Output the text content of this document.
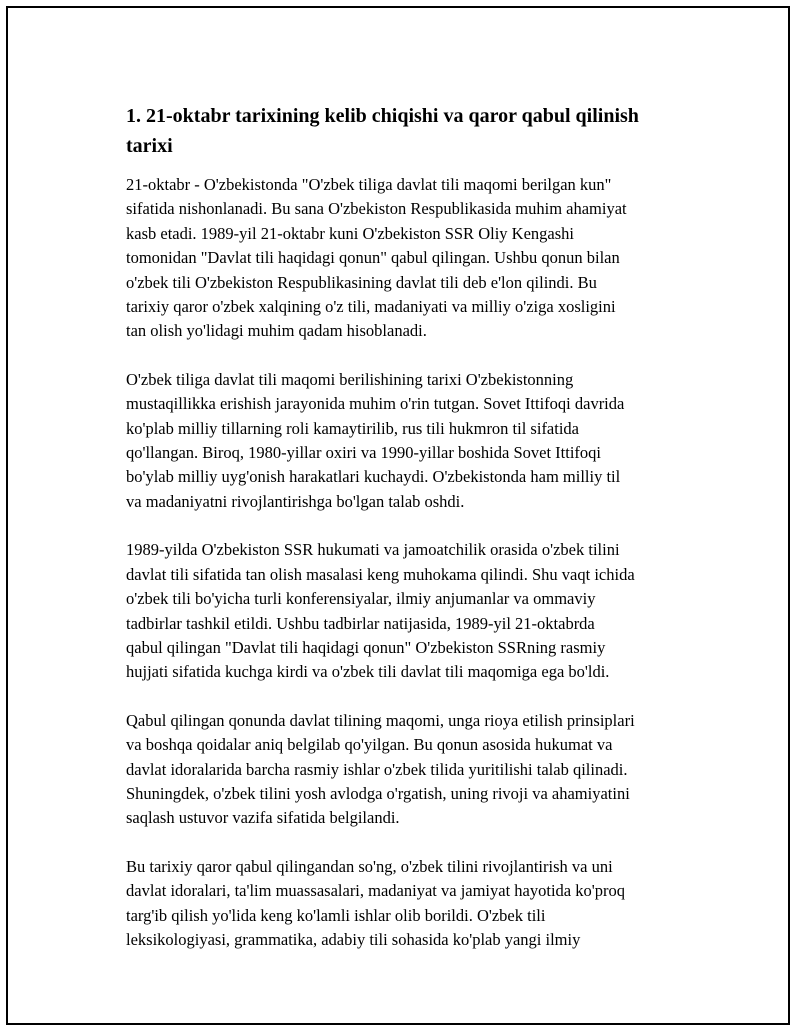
1. 21-oktabr tarixining kelib chiqishi va qaror qabul qilinish
tarixi

21-oktabr - O'zbekistonda "O'zbek tiliga davlat tili maqomi berilgan kun"
sifatida nishonlanadi. Bu sana O'zbekiston Respublikasida muhim ahamiyat
kasb etadi. 1989-yil 21-oktabr kuni O'zbekiston SSR Oliy Kengashi
tomonidan "Davlat tili haqidagi qonun" qabul qilingan. Ushbu qonun bilan
o'zbek tili O'zbekiston Respublikasining davlat tili deb e'lon qilindi. Bu
tarixiy qaror o'zbek xalqining o'z tili, madaniyati va milliy o'ziga xosligini
tan olish yo'lidagi muhim qadam hisoblanadi.

O'zbek tiliga davlat tili maqomi berilishining tarixi O'zbekistonning
mustaqillikka erishish jarayonida muhim o'rin tutgan. Sovet Ittifoqi davrida
ko'plab milliy tillarning roli kamaytirilib, rus tili hukmron til sifatida
qo'llangan. Biroq, 1980-yillar oxiri va 1990-yillar boshida Sovet Ittifoqi
bo'ylab milliy uyg'onish harakatlari kuchaydi. O'zbekistonda ham milliy til
va madaniyatni rivojlantirishga bo'lgan talab oshdi.

1989-yilda O'zbekiston SSR hukumati va jamoatchilik orasida o'zbek tilini
davlat tili sifatida tan olish masalasi keng muhokama qilindi. Shu vaqt ichida
o'zbek tili bo'yicha turli konferensiyalar, ilmiy anjumanlar va ommaviy
tadbirlar tashkil etildi. Ushbu tadbirlar natijasida, 1989-yil 21-oktabrda
qabul qilingan "Davlat tili haqidagi qonun" O'zbekiston SSRning rasmiy
hujjati sifatida kuchga kirdi va o'zbek tili davlat tili maqomiga ega bo'ldi.

Qabul qilingan qonunda davlat tilining maqomi, unga rioya etilish prinsiplari
va boshqa qoidalar aniq belgilab qo'yilgan. Bu qonun asosida hukumat va
davlat idoralarida barcha rasmiy ishlar o'zbek tilida yuritilishi talab qilinadi.
Shuningdek, o'zbek tilini yosh avlodga o'rgatish, uning rivoji va ahamiyatini
saqlash ustuvor vazifa sifatida belgilandi.

Bu tarixiy qaror qabul qilingandan so'ng, o'zbek tilini rivojlantirish va uni
davlat idoralari, ta'lim muassasalari, madaniyat va jamiyat hayotida ko'proq
targ'ib qilish yo'lida keng ko'lamli ishlar olib borildi. O'zbek tili
leksikologiyasi, grammatika, adabiy tili sohasida ko'plab yangi ilmiy
